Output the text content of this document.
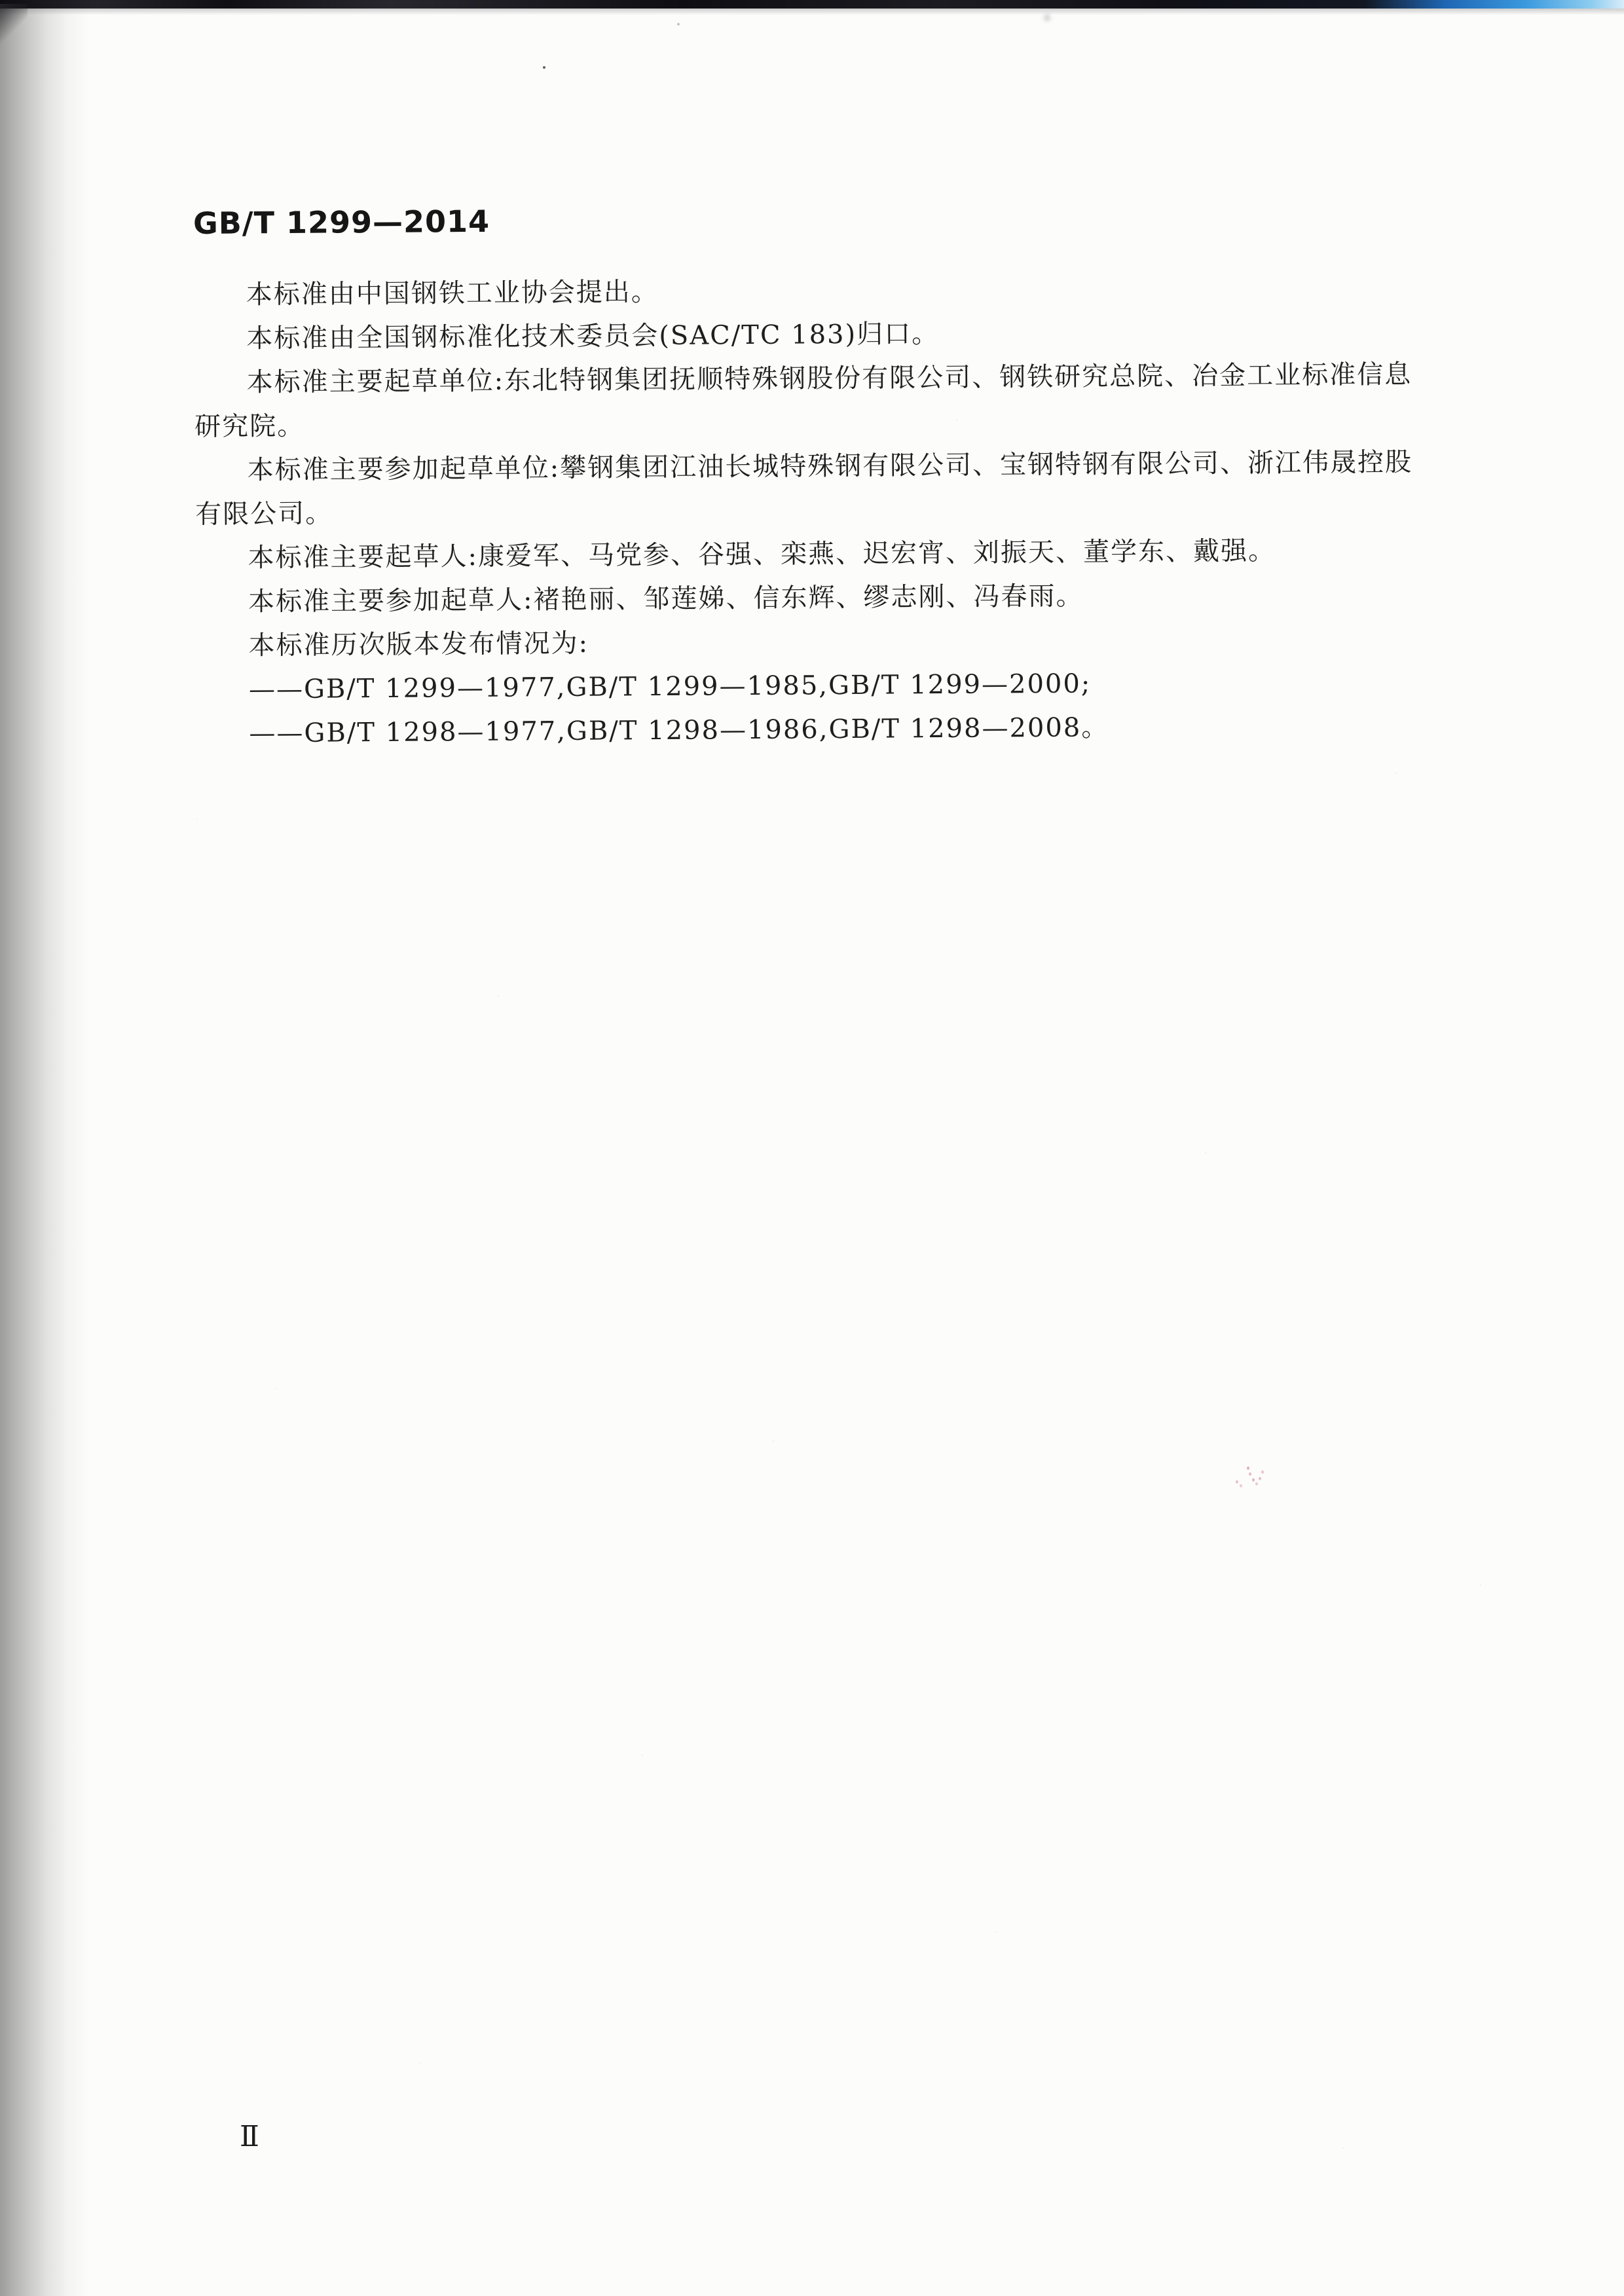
GB/T 1299—2014

本标准由中国钢铁工业协会提出。

本标准由全国钢标准化技术委员会(SAC/TC 183)归口。

本标准主要起草单位:东北特钢集团抚顺特殊钢股份有限公司、钢铁研究总院、冶金工业标准信息
研究院。

本标准主要参加起草单位:攀钢集团江油长城特殊钢有限公司、宝钢特钢有限公司、浙江伟晟控股
有限公司。

本标准主要起草人:康爱军、马党参、谷强、栾燕、迟宏宵、刘振天、董学东、戴强。

本标准主要参加起草人:褚艳丽、邹莲娣、信东辉、缪志刚、冯春雨。

本标准历次版本发布情况为:

——GB/T 1299—1977,GB/T 1299—1985,GB/T 1299—2000;

——GB/T 1298—1977,GB/T 1298—1986,GB/T 1298—2008。

Ⅱ
